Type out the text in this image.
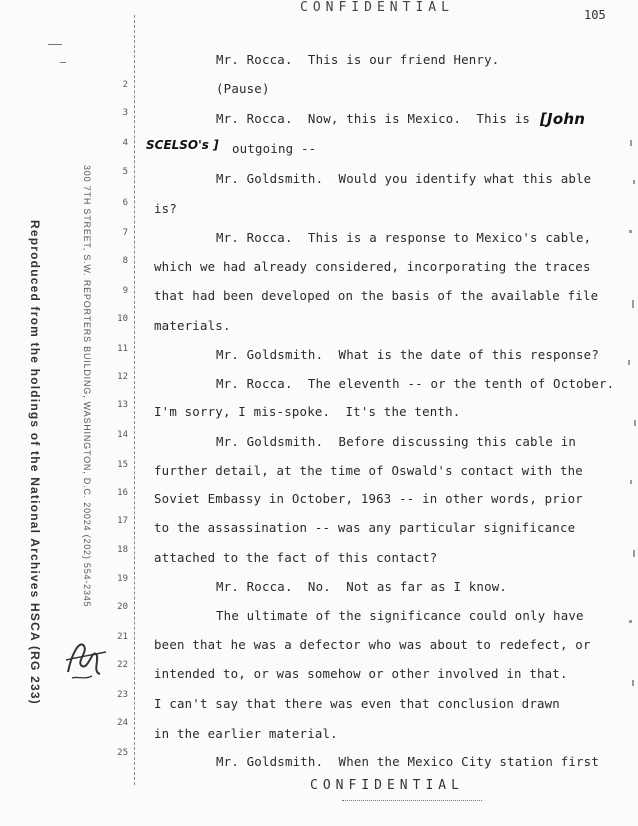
CONFIDENTIAL	105
Reproduced from the holdings of the National Archives HSCA (RG 233)	300 7TH STREET, S.W. REPORTERS BUILDING, WASHINGTON, D.C. 20024 (202) 554-2345
2
3
4
5
6
7
8
9
10
11
12
13
14
15
16
17
18
19
20
21
22
23
24
25
Mr. Rocca.  This is our friend Henry.
(Pause)
Mr. Rocca.  Now, this is Mexico.  This is [John
SCELSO's ] outgoing --
Mr. Goldsmith.  Would you identify what this able
is?
Mr. Rocca.  This is a response to Mexico's cable,
which we had already considered, incorporating the traces
that had been developed on the basis of the available file
materials.
Mr. Goldsmith.  What is the date of this response?
Mr. Rocca.  The eleventh -- or the tenth of October.
I'm sorry, I mis-spoke.  It's the tenth.
Mr. Goldsmith.  Before discussing this cable in
further detail, at the time of Oswald's contact with the
Soviet Embassy in October, 1963 -- in other words, prior
to the assassination -- was any particular significance
attached to the fact of this contact?
Mr. Rocca.  No.  Not as far as I know.
The ultimate of the significance could only have
been that he was a defector who was about to redefect, or
intended to, or was somehow or other involved in that.
I can't say that there was even that conclusion drawn
in the earlier material.
Mr. Goldsmith.  When the Mexico City station first
CONFIDENTIAL
